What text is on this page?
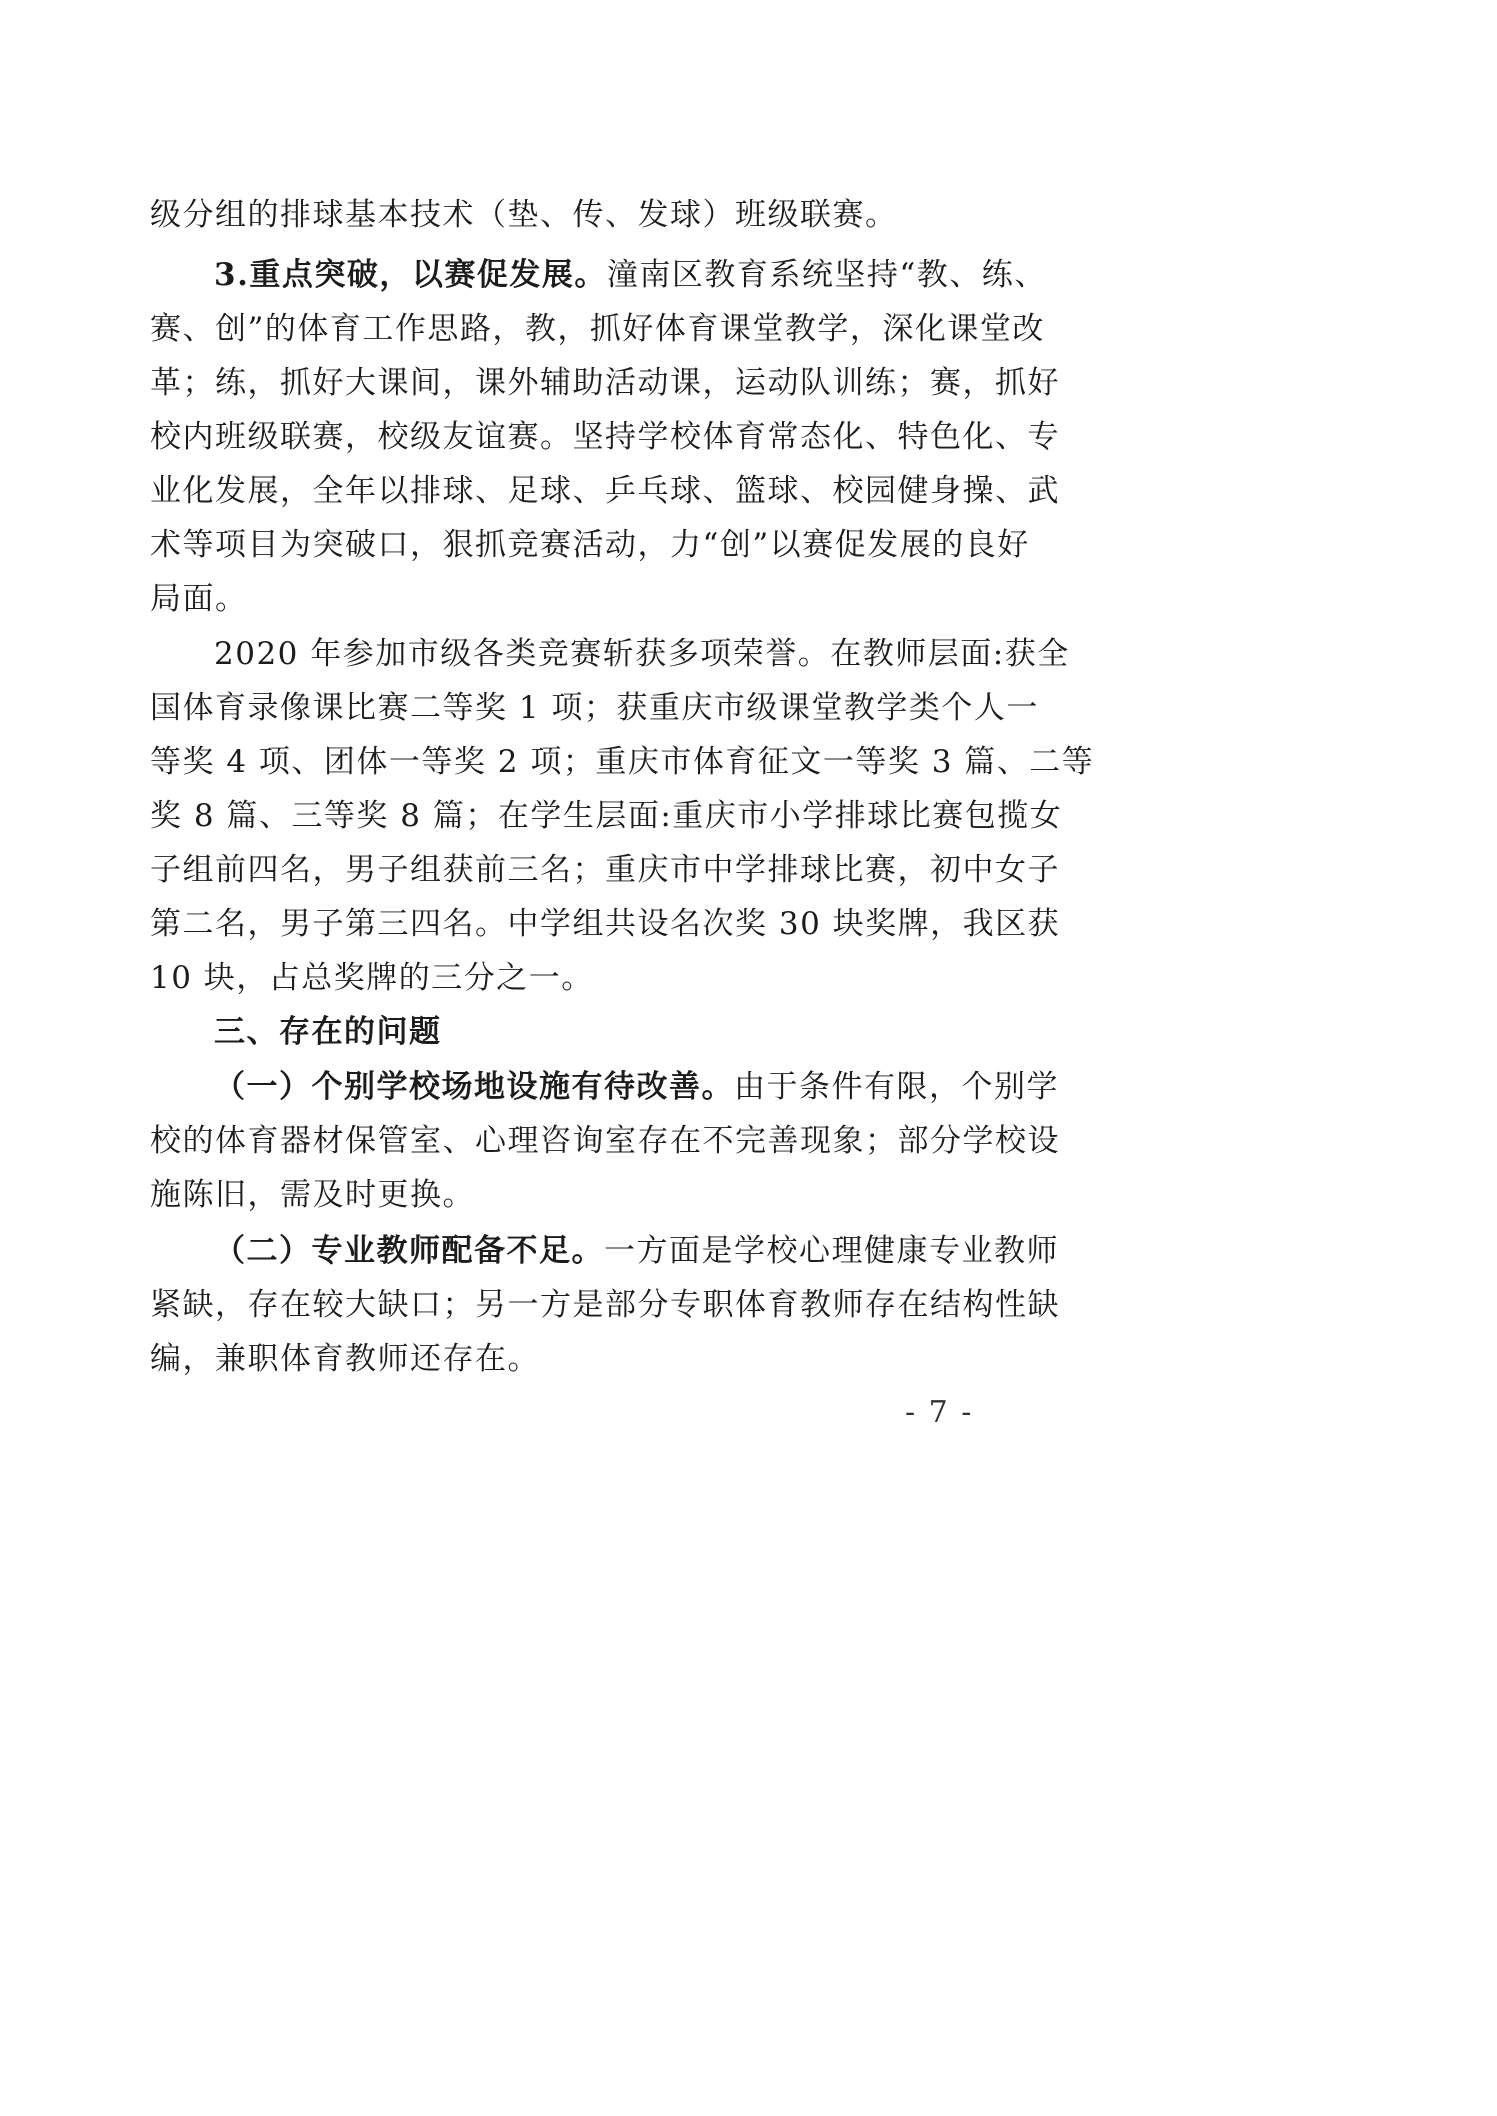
级分组的排球基本技术（垫、传、发球）班级联赛。
3.重点突破，以赛促发展。潼南区教育系统坚持“教、练、
赛、创”的体育工作思路，教，抓好体育课堂教学，深化课堂改
革；练，抓好大课间，课外辅助活动课，运动队训练；赛，抓好
校内班级联赛，校级友谊赛。坚持学校体育常态化、特色化、专
业化发展，全年以排球、足球、乒乓球、篮球、校园健身操、武
术等项目为突破口，狠抓竞赛活动，力“创”以赛促发展的良好
局面。
2020 年参加市级各类竞赛斩获多项荣誉。在教师层面:获全
国体育录像课比赛二等奖 1 项；获重庆市级课堂教学类个人一
等奖 4 项、团体一等奖 2 项；重庆市体育征文一等奖 3 篇、二等
奖 8 篇、三等奖 8 篇；在学生层面:重庆市小学排球比赛包揽女
子组前四名，男子组获前三名；重庆市中学排球比赛，初中女子
第二名，男子第三四名。中学组共设名次奖 30 块奖牌，我区获
10 块，占总奖牌的三分之一。
三、存在的问题
（一）个别学校场地设施有待改善。由于条件有限，个别学
校的体育器材保管室、心理咨询室存在不完善现象；部分学校设
施陈旧，需及时更换。
（二）专业教师配备不足。一方面是学校心理健康专业教师
紧缺，存在较大缺口；另一方是部分专职体育教师存在结构性缺
编，兼职体育教师还存在。
- 7 -
